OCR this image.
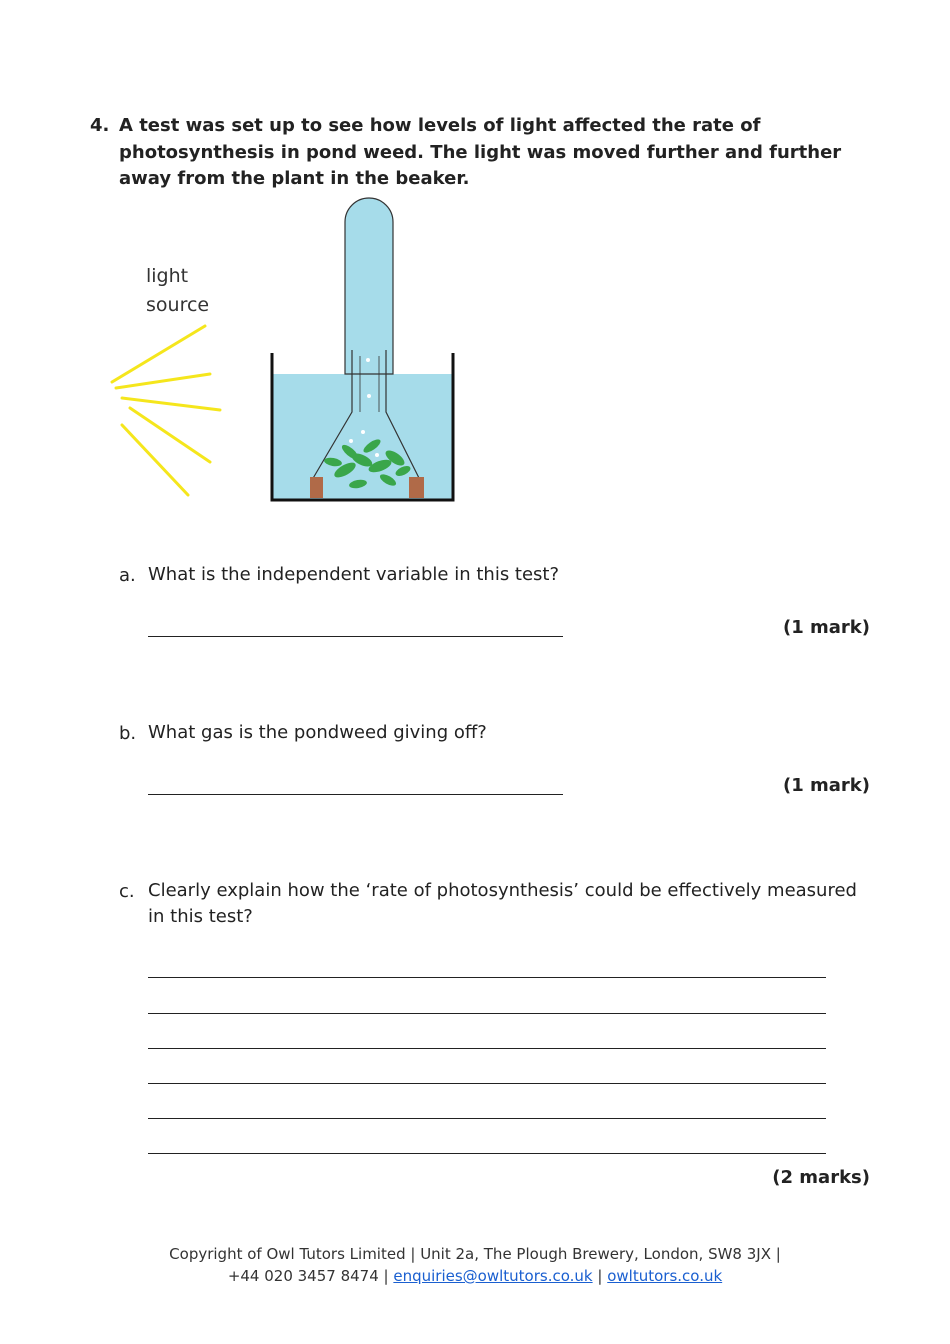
4. A test was set up to see how levels of light affected the rate of photosynthesis in pond weed. The light was moved further and further away from the plant in the beaker.
light
source
a. What is the independent variable in this test?
(1 mark)
b. What gas is the pondweed giving off?
(1 mark)
c. Clearly explain how the ‘rate of photosynthesis’ could be effectively measured in this test?
(2 marks)
Copyright of Owl Tutors Limited | Unit 2a, The Plough Brewery, London, SW8 3JX |
+44 020 3457 8474 | enquiries@owltutors.co.uk | owltutors.co.uk
